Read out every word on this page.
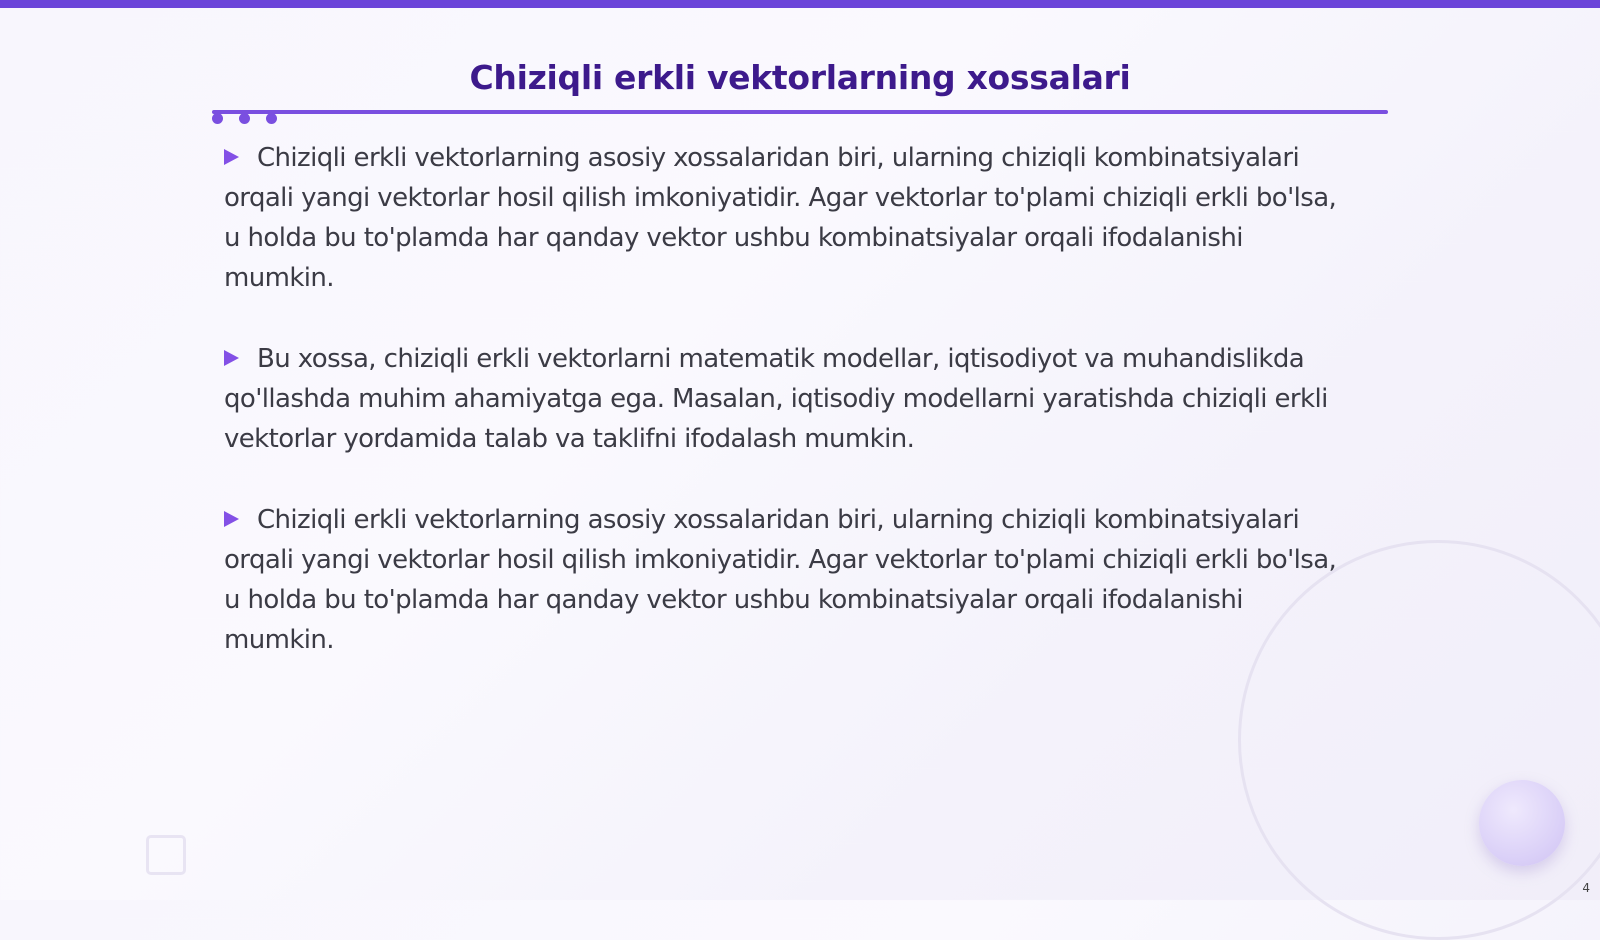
Chiziqli erkli vektorlarning xossalari

Chiziqli erkli vektorlarning asosiy xossalaridan biri, ularning chiziqli kombinatsiyalari orqali yangi vektorlar hosil qilish imkoniyatidir. Agar vektorlar to'plami chiziqli erkli bo'lsa, u holda bu to'plamda har qanday vektor ushbu kombinatsiyalar orqali ifodalanishi mumkin.

Bu xossa, chiziqli erkli vektorlarni matematik modellar, iqtisodiyot va muhandislikda qo'llashda muhim ahamiyatga ega. Masalan, iqtisodiy modellarni yaratishda chiziqli erkli vektorlar yordamida talab va taklifni ifodalash mumkin.

Chiziqli erkli vektorlarning asosiy xossalaridan biri, ularning chiziqli kombinatsiyalari orqali yangi vektorlar hosil qilish imkoniyatidir. Agar vektorlar to'plami chiziqli erkli bo'lsa, u holda bu to'plamda har qanday vektor ushbu kombinatsiyalar orqali ifodalanishi mumkin.

4
